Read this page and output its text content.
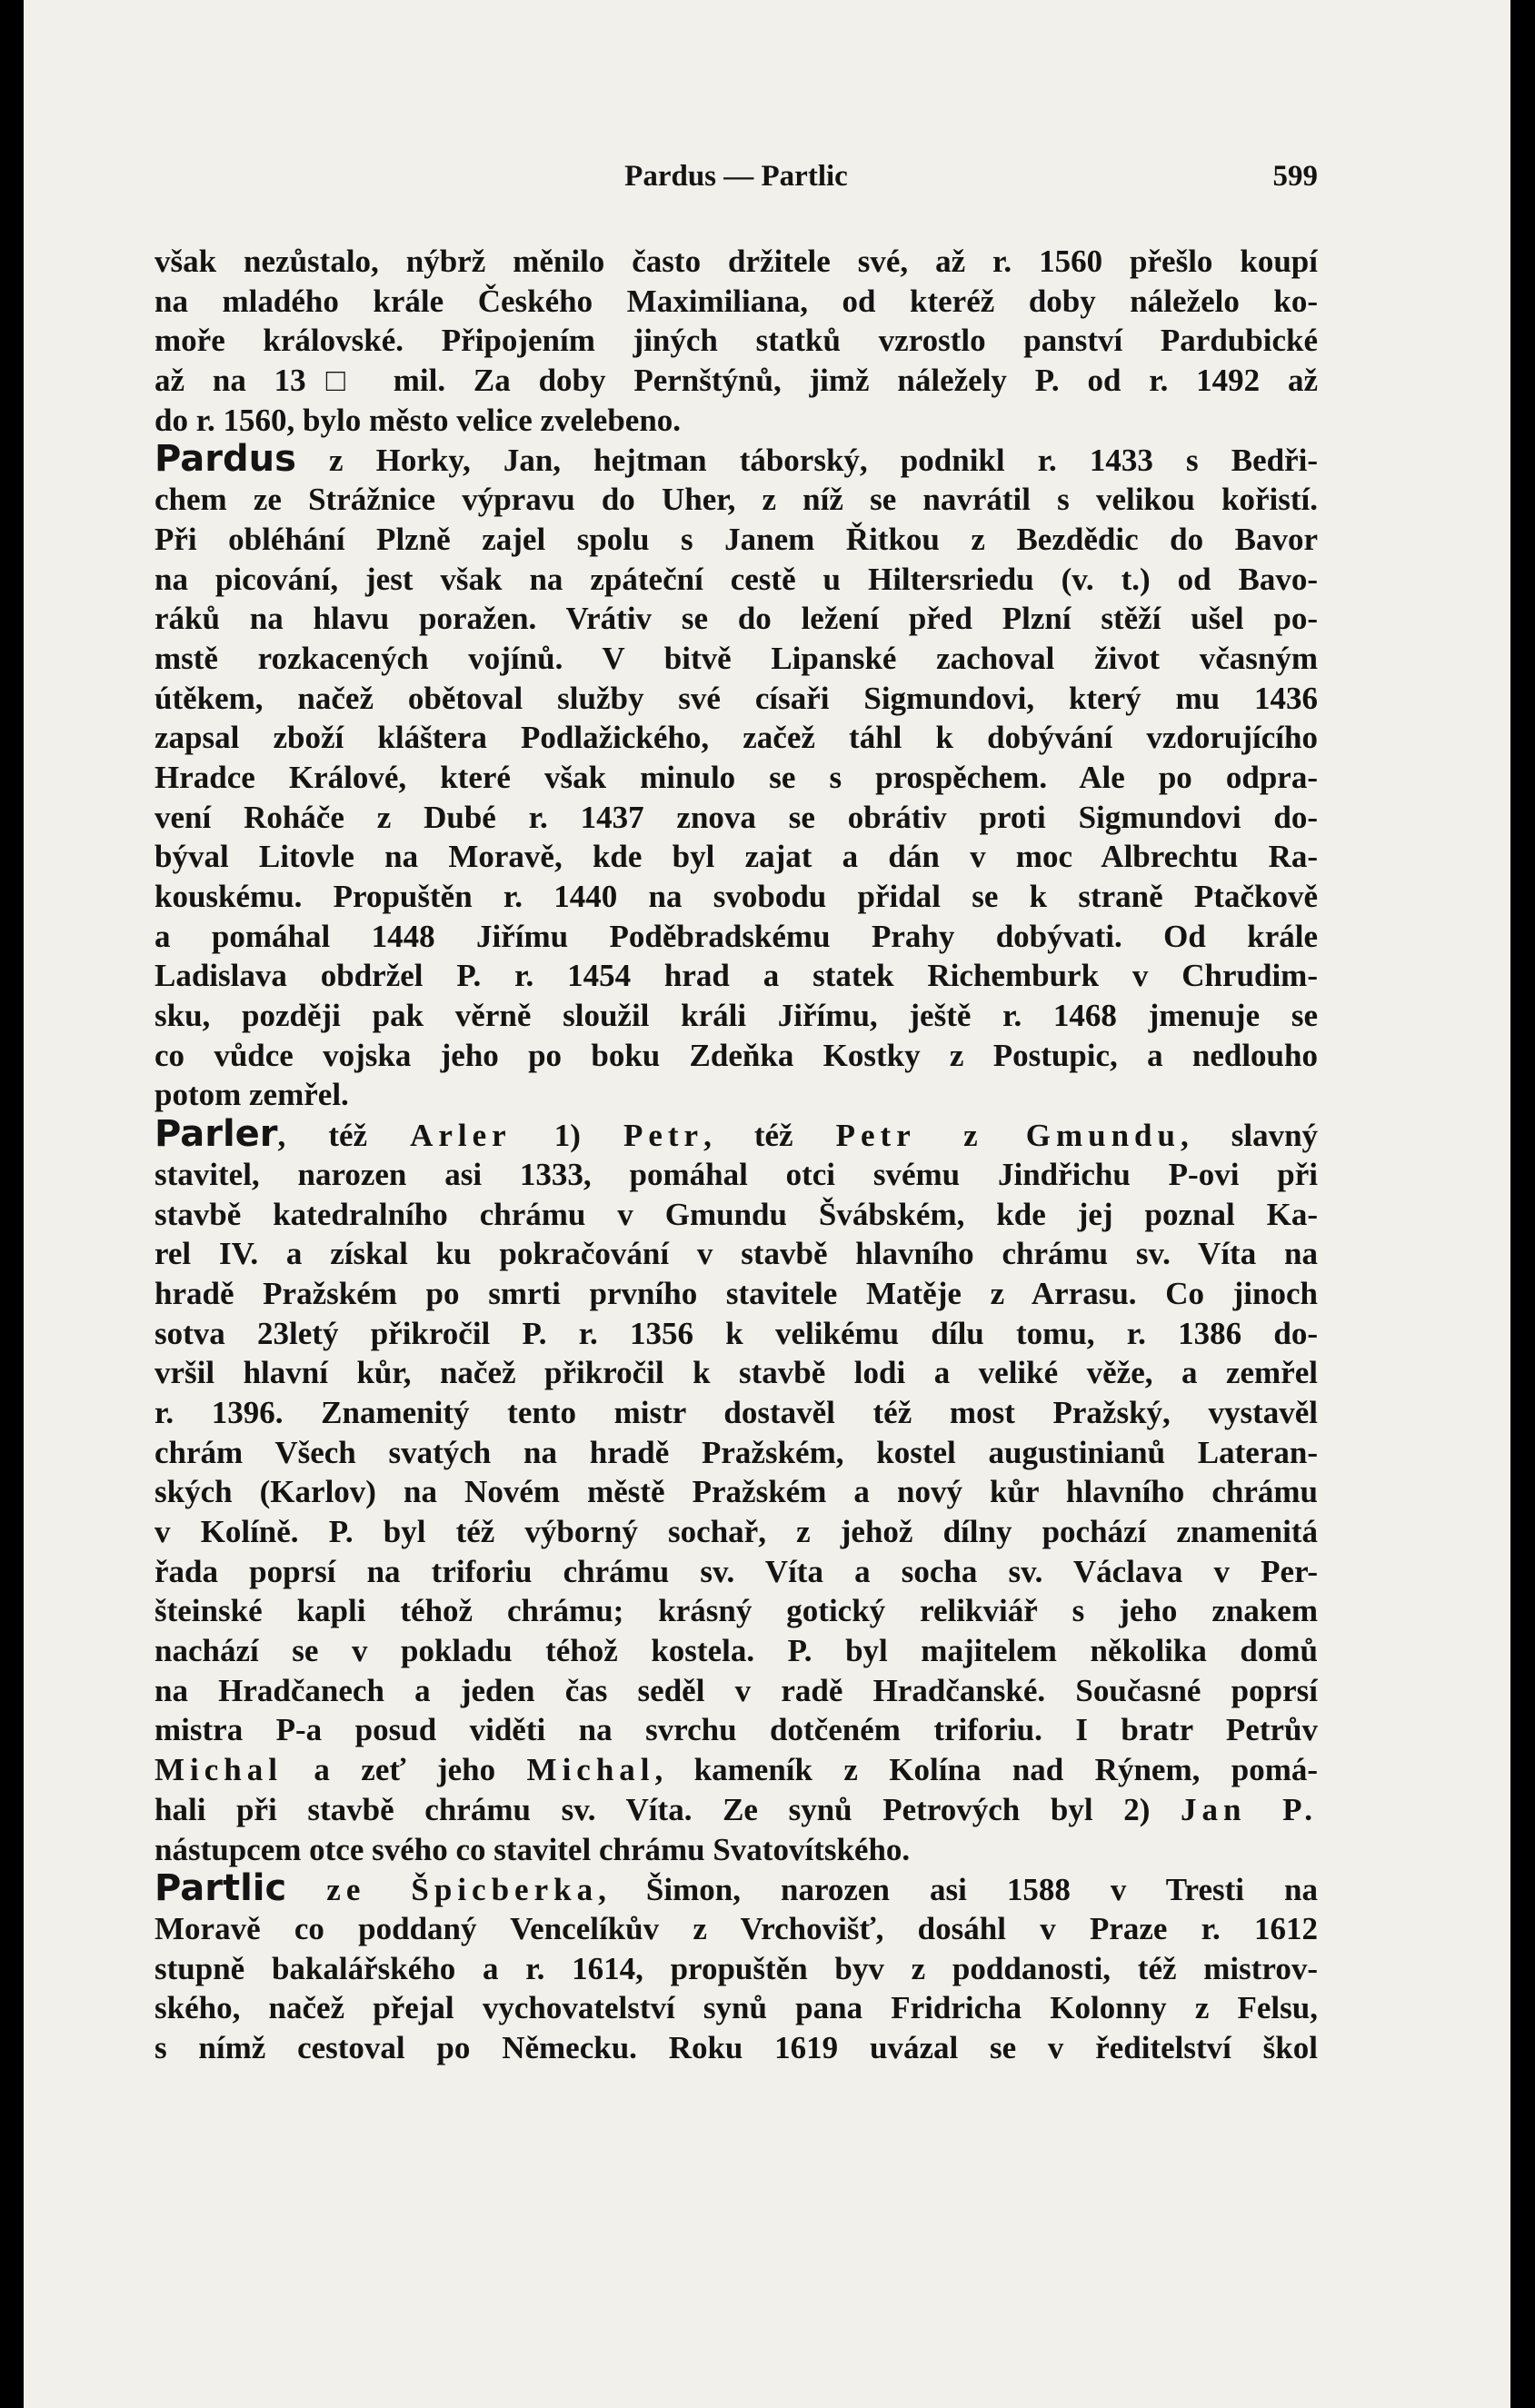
Pardus — Partlic	599
však nezůstalo, nýbrž měnilo často držitele své, až r. 1560 přešlo koupí
na mladého krále Českého Maximiliana, od kteréž doby náleželo ko-
moře královské. Připojením jiných statků vzrostlo panství Pardubické
až na 13□ mil. Za doby Pernštýnů, jimž náležely P. od r. 1492 až
do r. 1560, bylo město velice zvelebeno.
Pardus z Horky, Jan, hejtman táborský, podnikl r. 1433 s Bedři-
chem ze Strážnice výpravu do Uher, z níž se navrátil s velikou kořistí.
Při obléhání Plzně zajel spolu s Janem Řitkou z Bezdědic do Bavor
na picování, jest však na zpáteční cestě u Hiltersriedu (v. t.) od Bavo-
ráků na hlavu poražen. Vrátiv se do ležení před Plzní stěží ušel po-
mstě rozkacených vojínů. V bitvě Lipanské zachoval život včasným
útěkem, načež obětoval služby své císaři Sigmundovi, který mu 1436
zapsal zboží kláštera Podlažického, začež táhl k dobývání vzdorujícího
Hradce Králové, které však minulo se s prospěchem. Ale po odpra-
vení Roháče z Dubé r. 1437 znova se obrátiv proti Sigmundovi do-
býval Litovle na Moravě, kde byl zajat a dán v moc Albrechtu Ra-
kouskému. Propuštěn r. 1440 na svobodu přidal se k straně Ptačkově
a pomáhal 1448 Jiřímu Poděbradskému Prahy dobývati. Od krále
Ladislava obdržel P. r. 1454 hrad a statek Richemburk v Chrudim-
sku, později pak věrně sloužil králi Jiřímu, ještě r. 1468 jmenuje se
co vůdce vojska jeho po boku Zdeňka Kostky z Postupic, a nedlouho
potom zemřel.
Parler, též Arler 1) Petr, též Petr z Gmundu, slavný
stavitel, narozen asi 1333, pomáhal otci svému Jindřichu P-ovi při
stavbě katedralního chrámu v Gmundu Švábském, kde jej poznal Ka-
rel IV. a získal ku pokračování v stavbě hlavního chrámu sv. Víta na
hradě Pražském po smrti prvního stavitele Matěje z Arrasu. Co jinoch
sotva 23letý přikročil P. r. 1356 k velikému dílu tomu, r. 1386 do-
vršil hlavní kůr, načež přikročil k stavbě lodi a veliké věže, a zemřel
r. 1396. Znamenitý tento mistr dostavěl též most Pražský, vystavěl
chrám Všech svatých na hradě Pražském, kostel augustinianů Lateran-
ských (Karlov) na Novém městě Pražském a nový kůr hlavního chrámu
v Kolíně. P. byl též výborný sochař, z jehož dílny pochází znamenitá
řada poprsí na triforiu chrámu sv. Víta a socha sv. Václava v Per-
šteinské kapli téhož chrámu; krásný gotický relikviář s jeho znakem
nachází se v pokladu téhož kostela. P. byl majitelem několika domů
na Hradčanech a jeden čas seděl v radě Hradčanské. Současné poprsí
mistra P-a posud viděti na svrchu dotčeném triforiu. I bratr Petrův
Michal a zeť jeho Michal, kameník z Kolína nad Rýnem, pomá-
hali při stavbě chrámu sv. Víta. Ze synů Petrových byl 2) Jan P.
nástupcem otce svého co stavitel chrámu Svatovítského.
Partlic ze Špicberka, Šimon, narozen asi 1588 v Tresti na
Moravě co poddaný Vencelíkův z Vrchovišť, dosáhl v Praze r. 1612
stupně bakalářského a r. 1614, propuštěn byv z poddanosti, též mistrov-
ského, načež přejal vychovatelství synů pana Fridricha Kolonny z Felsu,
s nímž cestoval po Německu. Roku 1619 uvázal se v ředitelství škol
